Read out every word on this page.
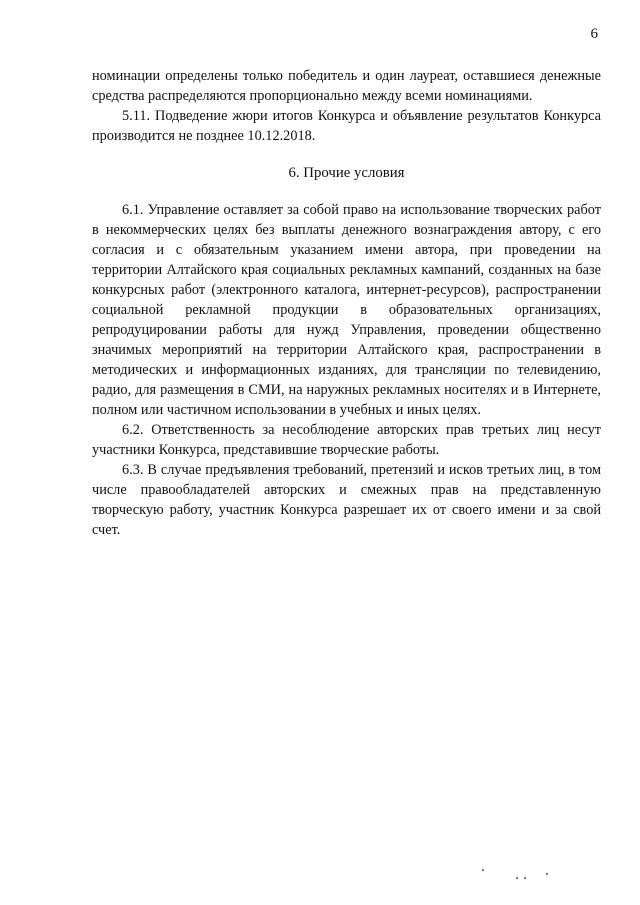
6

номинации определены только победитель и один лауреат, оставшиеся денежные средства распределяются пропорционально между всеми номинациями.

5.11. Подведение жюри итогов Конкурса и объявление результатов Конкурса производится не позднее 10.12.2018.

6. Прочие условия

6.1. Управление оставляет за собой право на использование творческих работ в некоммерческих целях без выплаты денежного вознаграждения автору, с его согласия и с обязательным указанием имени автора, при проведении на территории Алтайского края социальных рекламных кампаний, созданных на базе конкурсных работ (электронного каталога, интернет-ресурсов), распространении социальной рекламной продукции в образовательных организациях, репродуцировании работы для нужд Управления, проведении общественно значимых мероприятий на территории Алтайского края, распространении в методических и информационных изданиях, для трансляции по телевидению, радио, для размещения в СМИ, на наружных рекламных носителях и в Интернете, полном или частичном использовании в учебных и иных целях.

6.2. Ответственность за несоблюдение авторских прав третьих лиц несут участники Конкурса, представившие творческие работы.

6.3. В случае предъявления требований, претензий и исков третьих лиц, в том числе правообладателей авторских и смежных прав на представленную творческую работу, участник Конкурса разрешает их от своего имени и за свой счет.
